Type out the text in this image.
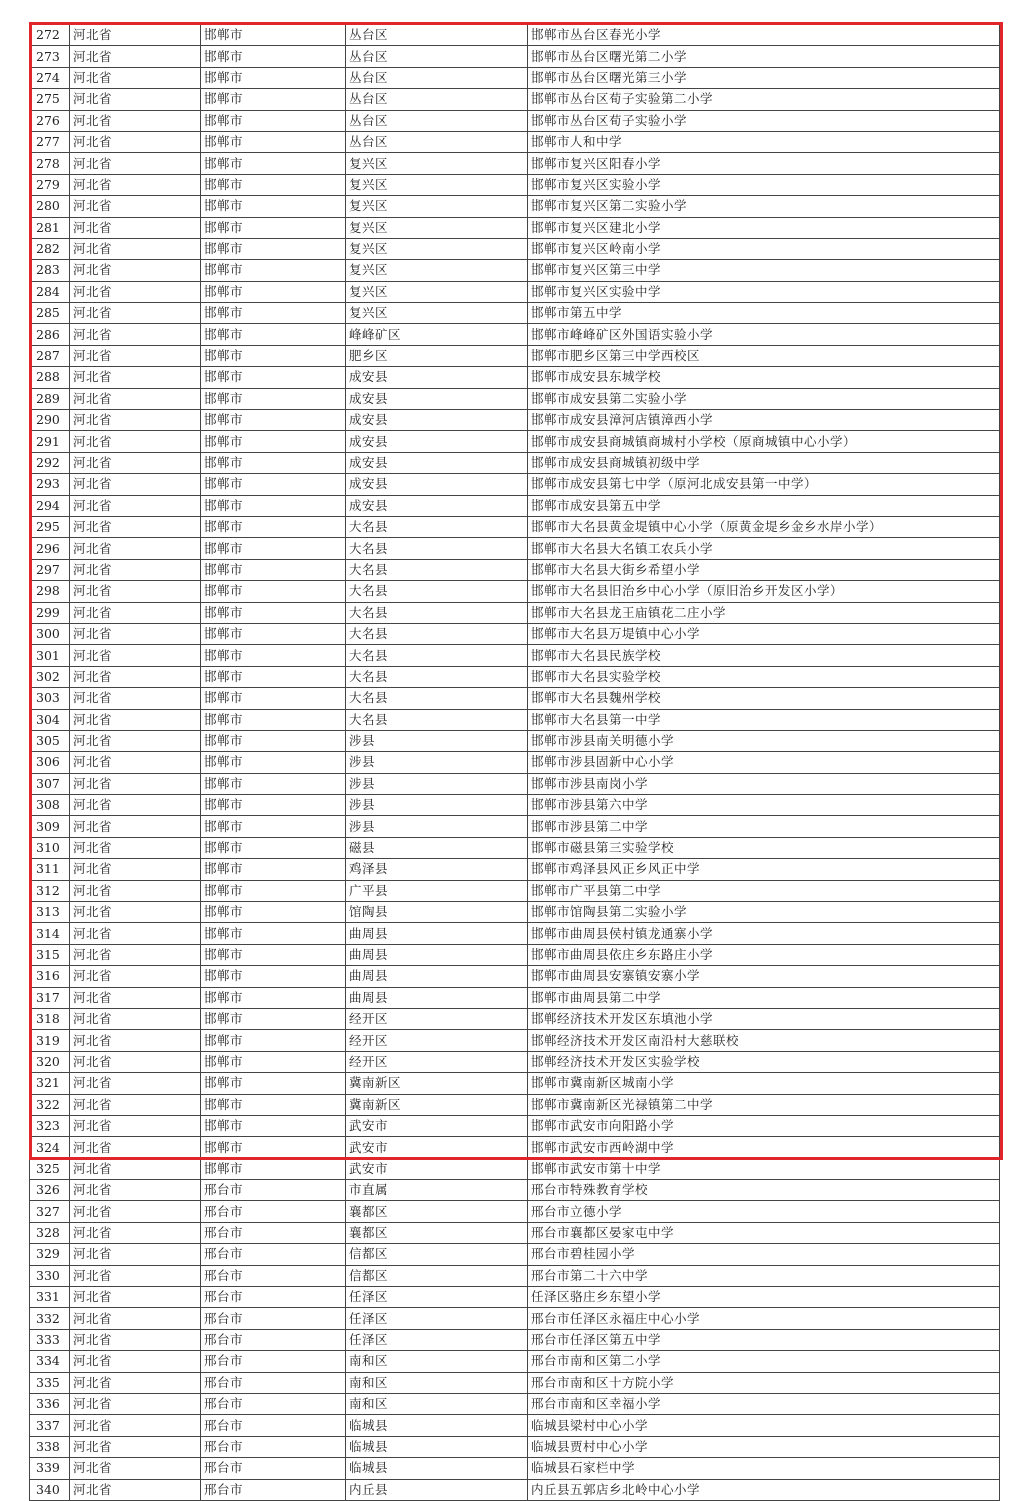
272	河北省	邯郸市	丛台区	邯郸市丛台区春光小学
273	河北省	邯郸市	丛台区	邯郸市丛台区曙光第二小学
274	河北省	邯郸市	丛台区	邯郸市丛台区曙光第三小学
275	河北省	邯郸市	丛台区	邯郸市丛台区荀子实验第二小学
276	河北省	邯郸市	丛台区	邯郸市丛台区荀子实验小学
277	河北省	邯郸市	丛台区	邯郸市人和中学
278	河北省	邯郸市	复兴区	邯郸市复兴区阳春小学
279	河北省	邯郸市	复兴区	邯郸市复兴区实验小学
280	河北省	邯郸市	复兴区	邯郸市复兴区第二实验小学
281	河北省	邯郸市	复兴区	邯郸市复兴区建北小学
282	河北省	邯郸市	复兴区	邯郸市复兴区岭南小学
283	河北省	邯郸市	复兴区	邯郸市复兴区第三中学
284	河北省	邯郸市	复兴区	邯郸市复兴区实验中学
285	河北省	邯郸市	复兴区	邯郸市第五中学
286	河北省	邯郸市	峰峰矿区	邯郸市峰峰矿区外国语实验小学
287	河北省	邯郸市	肥乡区	邯郸市肥乡区第三中学西校区
288	河北省	邯郸市	成安县	邯郸市成安县东城学校
289	河北省	邯郸市	成安县	邯郸市成安县第二实验小学
290	河北省	邯郸市	成安县	邯郸市成安县漳河店镇漳西小学
291	河北省	邯郸市	成安县	邯郸市成安县商城镇商城村小学校（原商城镇中心小学）
292	河北省	邯郸市	成安县	邯郸市成安县商城镇初级中学
293	河北省	邯郸市	成安县	邯郸市成安县第七中学（原河北成安县第一中学）
294	河北省	邯郸市	成安县	邯郸市成安县第五中学
295	河北省	邯郸市	大名县	邯郸市大名县黄金堤镇中心小学（原黄金堤乡金乡水岸小学）
296	河北省	邯郸市	大名县	邯郸市大名县大名镇工农兵小学
297	河北省	邯郸市	大名县	邯郸市大名县大街乡希望小学
298	河北省	邯郸市	大名县	邯郸市大名县旧治乡中心小学（原旧治乡开发区小学）
299	河北省	邯郸市	大名县	邯郸市大名县龙王庙镇花二庄小学
300	河北省	邯郸市	大名县	邯郸市大名县万堤镇中心小学
301	河北省	邯郸市	大名县	邯郸市大名县民族学校
302	河北省	邯郸市	大名县	邯郸市大名县实验学校
303	河北省	邯郸市	大名县	邯郸市大名县魏州学校
304	河北省	邯郸市	大名县	邯郸市大名县第一中学
305	河北省	邯郸市	涉县	邯郸市涉县南关明德小学
306	河北省	邯郸市	涉县	邯郸市涉县固新中心小学
307	河北省	邯郸市	涉县	邯郸市涉县南岗小学
308	河北省	邯郸市	涉县	邯郸市涉县第六中学
309	河北省	邯郸市	涉县	邯郸市涉县第二中学
310	河北省	邯郸市	磁县	邯郸市磁县第三实验学校
311	河北省	邯郸市	鸡泽县	邯郸市鸡泽县风正乡风正中学
312	河北省	邯郸市	广平县	邯郸市广平县第二中学
313	河北省	邯郸市	馆陶县	邯郸市馆陶县第二实验小学
314	河北省	邯郸市	曲周县	邯郸市曲周县侯村镇龙通寨小学
315	河北省	邯郸市	曲周县	邯郸市曲周县依庄乡东路庄小学
316	河北省	邯郸市	曲周县	邯郸市曲周县安寨镇安寨小学
317	河北省	邯郸市	曲周县	邯郸市曲周县第二中学
318	河北省	邯郸市	经开区	邯郸经济技术开发区东填池小学
319	河北省	邯郸市	经开区	邯郸经济技术开发区南沿村大慈联校
320	河北省	邯郸市	经开区	邯郸经济技术开发区实验学校
321	河北省	邯郸市	冀南新区	邯郸市冀南新区城南小学
322	河北省	邯郸市	冀南新区	邯郸市冀南新区光禄镇第二中学
323	河北省	邯郸市	武安市	邯郸市武安市向阳路小学
324	河北省	邯郸市	武安市	邯郸市武安市西岭湖中学
325	河北省	邯郸市	武安市	邯郸市武安市第十中学
326	河北省	邢台市	市直属	邢台市特殊教育学校
327	河北省	邢台市	襄都区	邢台市立德小学
328	河北省	邢台市	襄都区	邢台市襄都区晏家屯中学
329	河北省	邢台市	信都区	邢台市碧桂园小学
330	河北省	邢台市	信都区	邢台市第二十六中学
331	河北省	邢台市	任泽区	任泽区骆庄乡东望小学
332	河北省	邢台市	任泽区	邢台市任泽区永福庄中心小学
333	河北省	邢台市	任泽区	邢台市任泽区第五中学
334	河北省	邢台市	南和区	邢台市南和区第二小学
335	河北省	邢台市	南和区	邢台市南和区十方院小学
336	河北省	邢台市	南和区	邢台市南和区幸福小学
337	河北省	邢台市	临城县	临城县梁村中心小学
338	河北省	邢台市	临城县	临城县贾村中心小学
339	河北省	邢台市	临城县	临城县石家栏中学
340	河北省	邢台市	内丘县	内丘县五郭店乡北岭中心小学
